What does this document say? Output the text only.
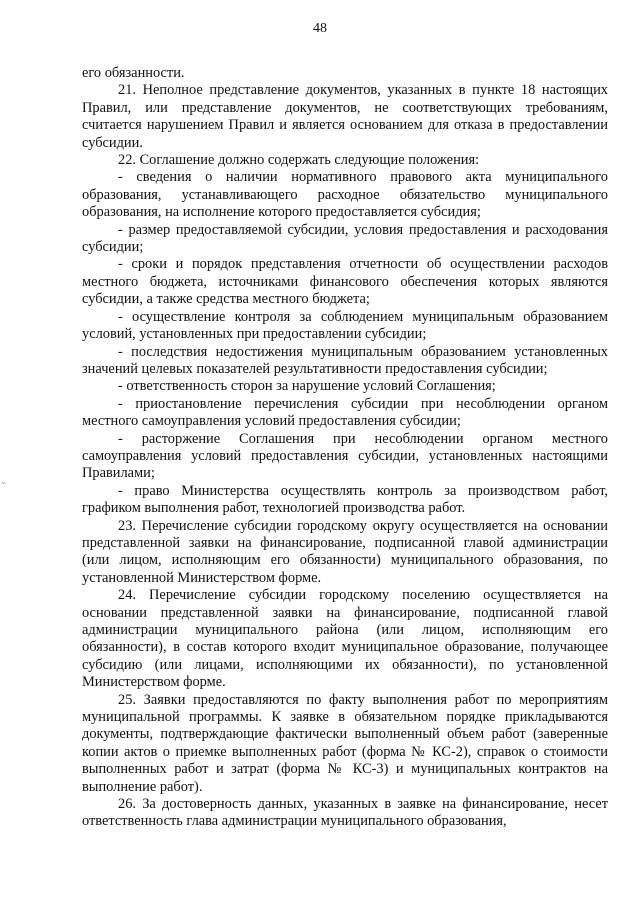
48
ˇ

его обязанности.

21. Неполное представление документов, указанных в пункте 18 настоящих Правил, или представление документов, не соответствующих требованиям, считается нарушением Правил и является основанием для отказа в предоставлении субсидии.

22. Соглашение должно содержать следующие положения:

- сведения о наличии нормативного правового акта муниципального образования, устанавливающего расходное обязательство муниципального образования, на исполнение которого предоставляется субсидия;

- размер предоставляемой субсидии, условия предоставления и расходования субсидии;

- сроки и порядок представления отчетности об осуществлении расходов местного бюджета, источниками финансового обеспечения которых являются субсидии, а также средства местного бюджета;

- осуществление контроля за соблюдением муниципальным образованием условий, установленных при предоставлении субсидии;

- последствия недостижения муниципальным образованием установленных значений целевых показателей результативности предоставления субсидии;

- ответственность сторон за нарушение условий Соглашения;

- приостановление перечисления субсидии при несоблюдении органом местного самоуправления условий предоставления субсидии;

- расторжение Соглашения при несоблюдении органом местного самоуправления условий предоставления субсидии, установленных настоящими Правилами;

- право Министерства осуществлять контроль за производством работ, графиком выполнения работ, технологией производства работ.

23. Перечисление субсидии городскому округу осуществляется на основании представленной заявки на финансирование, подписанной главой администрации (или лицом, исполняющим его обязанности) муниципального образования, по установленной Министерством форме.

24. Перечисление субсидии городскому поселению осуществляется на основании представленной заявки на финансирование, подписанной главой администрации муниципального района (или лицом, исполняющим его обязанности), в состав которого входит муниципальное образование, получающее субсидию (или лицами, исполняющими их обязанности), по установленной Министерством форме.

25. Заявки предоставляются по факту выполнения работ по мероприятиям муниципальной программы. К заявке в обязательном порядке прикладываются документы, подтверждающие фактически выполненный объем работ (заверенные копии актов о приемке выполненных работ (форма № КС-2), справок о стоимости выполненных работ и затрат (форма № КС-3) и муниципальных контрактов на выполнение работ).

26. За достоверность данных, указанных в заявке на финансирование, несет ответственность глава администрации муниципального образования,
